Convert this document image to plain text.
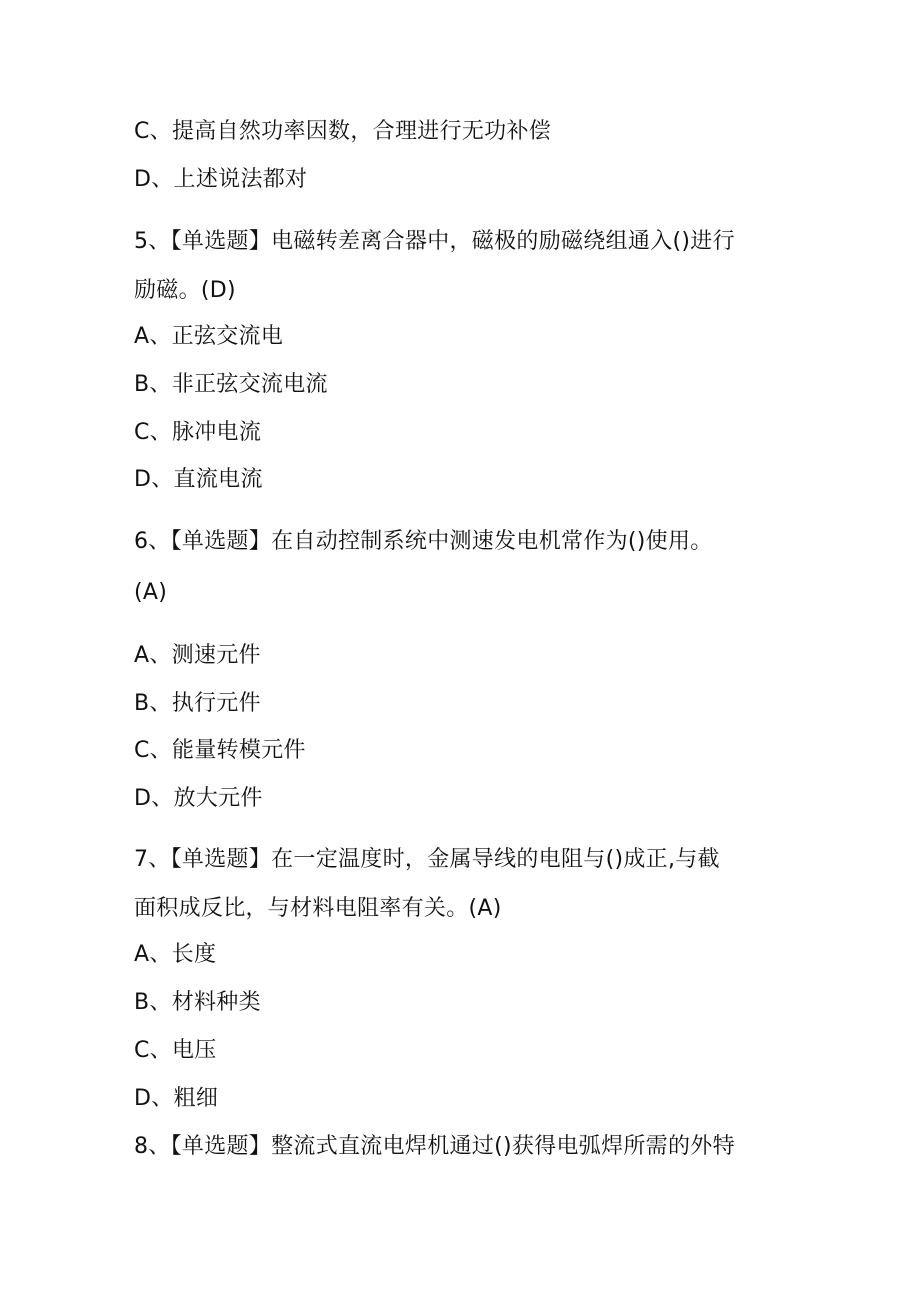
C、提高自然功率因数，合理进行无功补偿
D、上述说法都对
5、【单选题】电磁转差离合器中，磁极的励磁绕组通入()进行
励磁。(D)
A、正弦交流电
B、非正弦交流电流
C、脉冲电流
D、直流电流
6、【单选题】在自动控制系统中测速发电机常作为()使用。
(A)
A、测速元件
B、执行元件
C、能量转模元件
D、放大元件
7、【单选题】在一定温度时，金属导线的电阻与()成正,与截
面积成反比，与材料电阻率有关。(A)
A、长度
B、材料种类
C、电压
D、粗细
8、【单选题】整流式直流电焊机通过()获得电弧焊所需的外特
